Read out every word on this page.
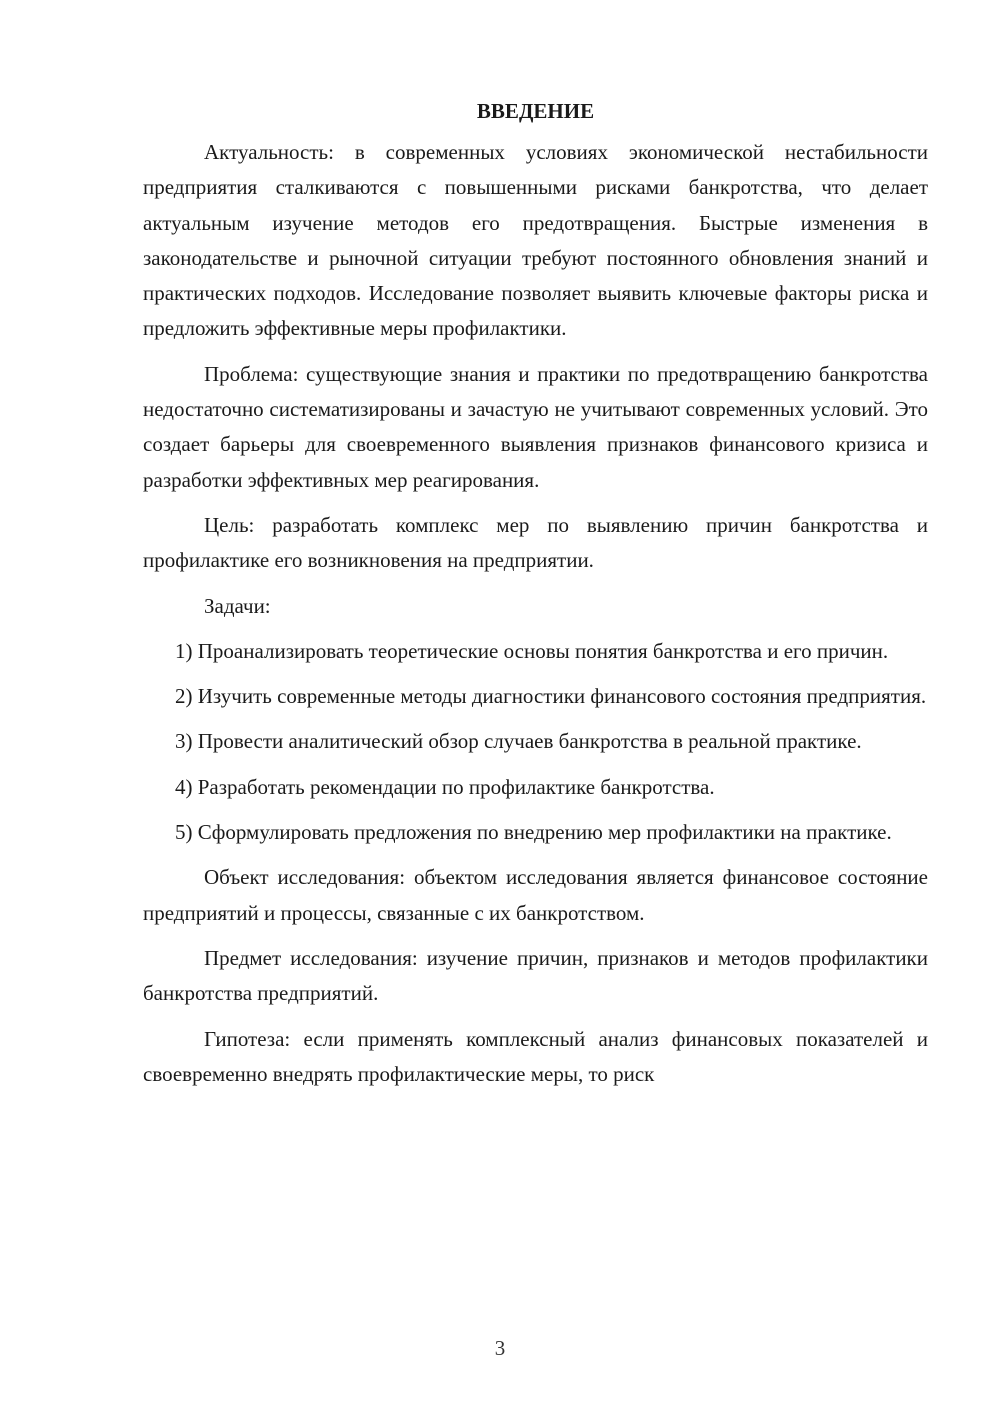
ВВЕДЕНИЕ

Актуальность: в современных условиях экономической нестабильности предприятия сталкиваются с повышенными рисками банкротства, что делает актуальным изучение методов его предотвращения. Быстрые изменения в законодательстве и рыночной ситуации требуют постоянного обновления знаний и практических подходов. Исследование позволяет выявить ключевые факторы риска и предложить эффективные меры профилактики.

Проблема: существующие знания и практики по предотвращению банкротства недостаточно систематизированы и зачастую не учитывают современных условий. Это создает барьеры для своевременного выявления признаков финансового кризиса и разработки эффективных мер реагирования.

Цель: разработать комплекс мер по выявлению причин банкротства и профилактике его возникновения на предприятии.

Задачи:

1) Проанализировать теоретические основы понятия банкротства и его причин.

2) Изучить современные методы диагностики финансового состояния предприятия.

3) Провести аналитический обзор случаев банкротства в реальной практике.

4) Разработать рекомендации по профилактике банкротства.

5) Сформулировать предложения по внедрению мер профилактики на практике.

Объект исследования: объектом исследования является финансовое состояние предприятий и процессы, связанные с их банкротством.

Предмет исследования: изучение причин, признаков и методов профилактики банкротства предприятий.

Гипотеза: если применять комплексный анализ финансовых показателей и своевременно внедрять профилактические меры, то риск

3
